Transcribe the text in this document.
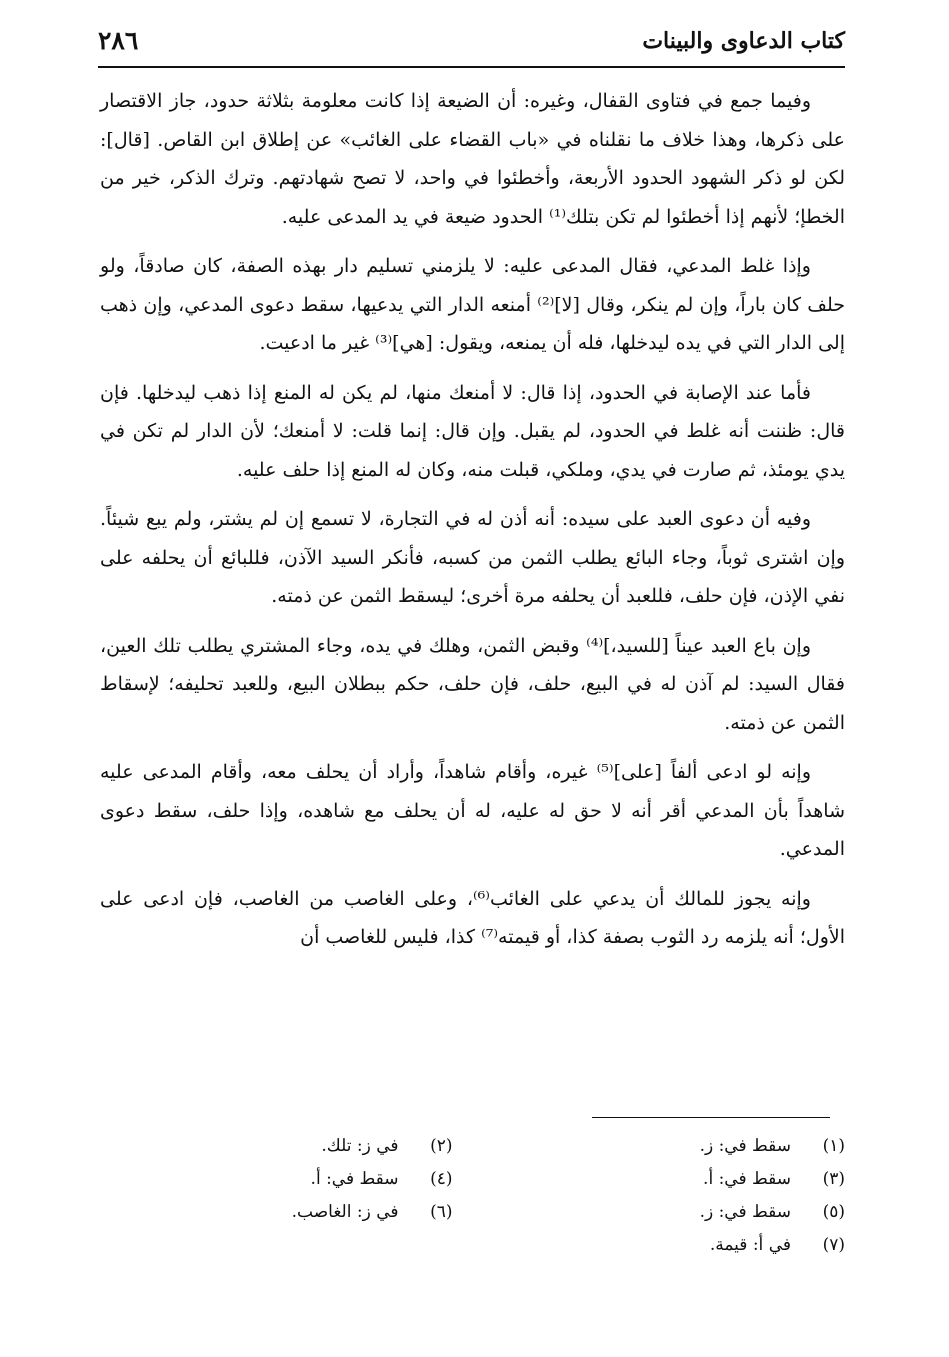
كتاب الدعاوى والبينات
٢٨٦

وفيما جمع في فتاوى القفال، وغيره: أن الضيعة إذا كانت معلومة بثلاثة حدود، جاز الاقتصار على ذكرها، وهذا خلاف ما نقلناه في «باب القضاء على الغائب» عن إطلاق ابن القاص. [قال]: لكن لو ذكر الشهود الحدود الأربعة، وأخطئوا في واحد، لا تصح شهادتهم. وترك الذكر، خير من الخطإ؛ لأنهم إذا أخطئوا لم تكن بتلك⁽¹⁾ الحدود ضيعة في يد المدعى عليه.

وإذا غلط المدعي، فقال المدعى عليه: لا يلزمني تسليم دار بهذه الصفة، كان صادقاً، ولو حلف كان باراً، وإن لم ينكر، وقال [لا]⁽²⁾ أمنعه الدار التي يدعيها، سقط دعوى المدعي، وإن ذهب إلى الدار التي في يده ليدخلها، فله أن يمنعه، ويقول: [هي]⁽³⁾ غير ما ادعيت.

فأما عند الإصابة في الحدود، إذا قال: لا أمنعك منها، لم يكن له المنع إذا ذهب ليدخلها. فإن قال: ظننت أنه غلط في الحدود، لم يقبل. وإن قال: إنما قلت: لا أمنعك؛ لأن الدار لم تكن في يدي يومئذ، ثم صارت في يدي، وملكي، قبلت منه، وكان له المنع إذا حلف عليه.

وفيه أن دعوى العبد على سيده: أنه أذن له في التجارة، لا تسمع إن لم يشتر، ولم يبع شيئاً. وإن اشترى ثوباً، وجاء البائع يطلب الثمن من كسبه، فأنكر السيد الآذن، فللبائع أن يحلفه على نفي الإذن، فإن حلف، فللعبد أن يحلفه مرة أخرى؛ ليسقط الثمن عن ذمته.

وإن باع العبد عيناً [للسيد،]⁽⁴⁾ وقبض الثمن، وهلك في يده، وجاء المشتري يطلب تلك العين، فقال السيد: لم آذن له في البيع، حلف، فإن حلف، حكم ببطلان البيع، وللعبد تحليفه؛ لإسقاط الثمن عن ذمته.

وإنه لو ادعى ألفاً [على]⁽⁵⁾ غيره، وأقام شاهداً، وأراد أن يحلف معه، وأقام المدعى عليه شاهداً بأن المدعي أقر أنه لا حق له عليه، له أن يحلف مع شاهده، وإذا حلف، سقط دعوى المدعي.

وإنه يجوز للمالك أن يدعي على الغائب⁽⁶⁾، وعلى الغاصب من الغاصب، فإن ادعى على الأول؛ أنه يلزمه رد الثوب بصفة كذا، أو قيمته⁽⁷⁾ كذا، فليس للغاصب أن

(١)سقط في: ز.
(٢)في ز: تلك.
(٣)سقط في: أ.
(٤)سقط في: أ.
(٥)سقط في: ز.
(٦)في ز: الغاصب.
(٧)في أ: قيمة.
